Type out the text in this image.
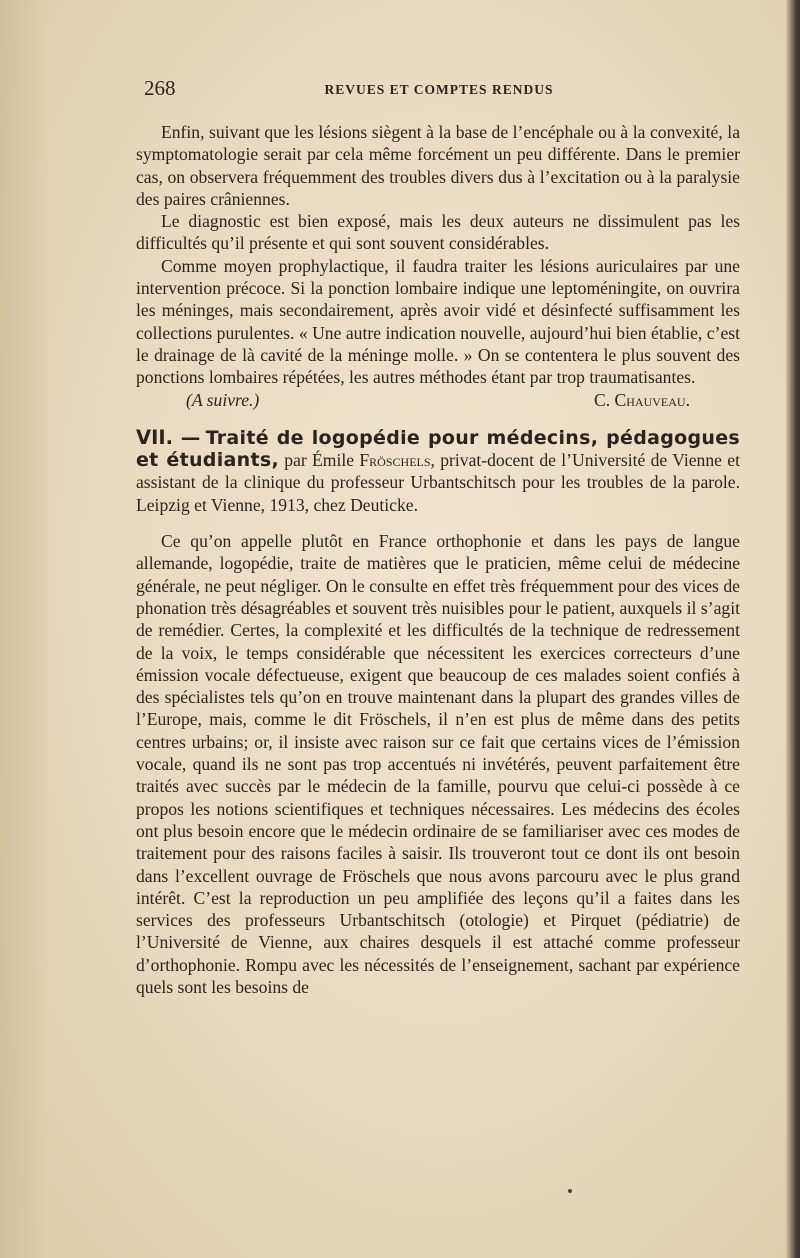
268	REVUES ET COMPTES RENDUS

Enfin, suivant que les lésions siègent à la base de l’encéphale ou à la convexité, la symptomatologie serait par cela même forcément un peu différente. Dans le premier cas, on observera fréquemment des troubles divers dus à l’excitation ou à la paralysie des paires crâniennes.

Le diagnostic est bien exposé, mais les deux auteurs ne dissimulent pas les difficultés qu’il présente et qui sont souvent considérables.

Comme moyen prophylactique, il faudra traiter les lésions auriculaires par une intervention précoce. Si la ponction lombaire indique une leptoméningite, on ouvrira les méninges, mais secondairement, après avoir vidé et désinfecté suffisamment les collections purulentes. « Une autre indication nouvelle, aujourd’hui bien établie, c’est le drainage de là cavité de la méninge molle. » On se contentera le plus souvent des ponctions lombaires répétées, les autres méthodes étant par trop traumatisantes.

(A suivre.)	C. Chauveau.

VII. — Traité de logopédie pour médecins, pédagogues et étudiants, par Émile Fröschels, privat-docent de l’Université de Vienne et assistant de la clinique du professeur Urbantschitsch pour les troubles de la parole. Leipzig et Vienne, 1913, chez Deuticke.

Ce qu’on appelle plutôt en France orthophonie et dans les pays de langue allemande, logopédie, traite de matières que le praticien, même celui de médecine générale, ne peut négliger. On le consulte en effet très fréquemment pour des vices de phonation très désagréables et souvent très nuisibles pour le patient, auxquels il s’agit de remédier. Certes, la complexité et les difficultés de la technique de redressement de la voix, le temps considérable que nécessitent les exercices correcteurs d’une émission vocale défectueuse, exigent que beaucoup de ces malades soient confiés à des spécialistes tels qu’on en trouve maintenant dans la plupart des grandes villes de l’Europe, mais, comme le dit Fröschels, il n’en est plus de même dans des petits centres urbains; or, il insiste avec raison sur ce fait que certains vices de l’émission vocale, quand ils ne sont pas trop accentués ni invétérés, peuvent parfaitement être traités avec succès par le médecin de la famille, pourvu que celui-ci possède à ce propos les notions scientifiques et techniques nécessaires. Les médecins des écoles ont plus besoin encore que le médecin ordinaire de se familiariser avec ces modes de traitement pour des raisons faciles à saisir. Ils trouveront tout ce dont ils ont besoin dans l’excellent ouvrage de Fröschels que nous avons parcouru avec le plus grand intérêt. C’est la reproduction un peu amplifiée des leçons qu’il a faites dans les services des professeurs Urbantschitsch (otologie) et Pirquet (pédiatrie) de l’Université de Vienne, aux chaires desquels il est attaché comme professeur d’orthophonie. Rompu avec les nécessités de l’enseignement, sachant par expérience quels sont les besoins de
